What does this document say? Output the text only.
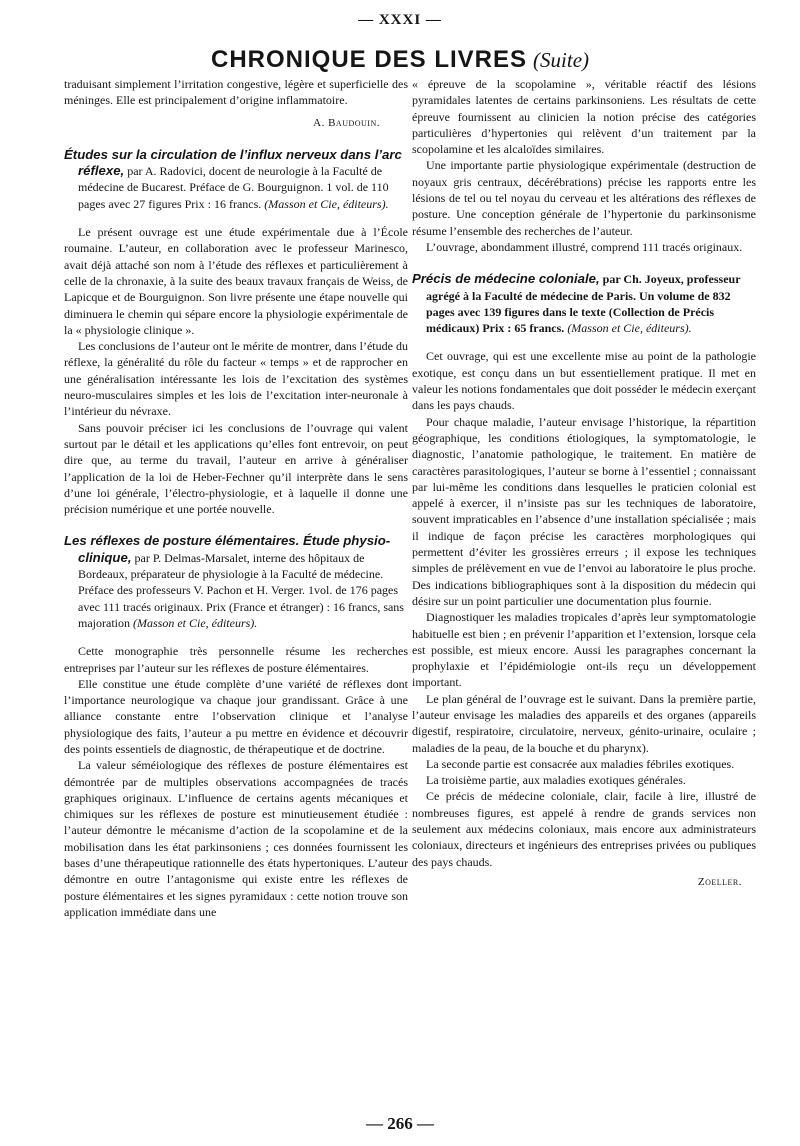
— XXXI —
CHRONIQUE DES LIVRES (Suite)

traduisant simplement l’irritation congestive, légère et superficielle des méninges. Elle est principalement d’origine inflammatoire.

A. Baudouin.
Études sur la circulation de l’influx nerveux dans l’arc réflexe, par A. Radovici, docent de neurologie à la Faculté de médecine de Bucarest. Préface de G. Bourguignon. 1 vol. de 110 pages avec 27 figures Prix : 16 francs. (Masson et Cie, éditeurs).

Le présent ouvrage est une étude expérimentale due à l’École roumaine. L’auteur, en collaboration avec le professeur Marinesco, avait déjà attaché son nom à l’étude des réflexes et particulièrement à celle de la chronaxie, à la suite des beaux travaux français de Weiss, de Lapicque et de Bourguignon. Son livre présente une étape nouvelle qui diminuera le chemin qui sépare encore la physiologie expérimentale de la « physiologie clinique ».

Les conclusions de l’auteur ont le mérite de montrer, dans l’étude du réflexe, la généralité du rôle du facteur « temps » et de rapprocher en une généralisation intéressante les lois de l’excitation des systèmes neuro-musculaires simples et les lois de l’excitation inter-neuronale à l’intérieur du névraxe.

Sans pouvoir préciser ici les conclusions de l’ouvrage qui valent surtout par le détail et les applications qu’elles font entrevoir, on peut dire que, au terme du travail, l’auteur en arrive à généraliser l’application de la loi de Heber-Fechner qu’il interprète dans le sens d’une loi générale, l’électro-physiologie, et à laquelle il donne une précision numérique et une portée nouvelle.

Les réflexes de posture élémentaires. Étude physio-clinique, par P. Delmas-Marsalet, interne des hôpitaux de Bordeaux, préparateur de physiologie à la Faculté de médecine. Préface des professeurs V. Pachon et H. Verger. 1vol. de 176 pages avec 111 tracés originaux. Prix (France et étranger) : 16 francs, sans majoration (Masson et Cie, éditeurs).

Cette monographie très personnelle résume les recherches entreprises par l’auteur sur les réflexes de posture élémentaires.

Elle constitue une étude complète d’une variété de réflexes dont l’importance neurologique va chaque jour grandissant. Grâce à une alliance constante entre l’observation clinique et l’analyse physiologique des faits, l’auteur a pu mettre en évidence et découvrir des points essentiels de diagnostic, de thérapeutique et de doctrine.

La valeur séméiologique des réflexes de posture élémentaires est démontrée par de multiples observations accompagnées de tracés graphiques originaux. L’influence de certains agents mécaniques et chimiques sur les réflexes de posture est minutieusement étudiée : l’auteur démontre le mécanisme d’action de la scopolamine et de la mobilisation dans les état parkinsoniens ; ces données fournissent les bases d’une thérapeutique rationnelle des états hypertoniques. L’auteur démontre en outre l’antagonisme qui existe entre les réflexes de posture élémentaires et les signes pyramidaux : cette notion trouve son application immédiate dans une

« épreuve de la scopolamine », véritable réactif des lésions pyramidales latentes de certains parkinsoniens. Les résultats de cette épreuve fournissent au clinicien la notion précise des catégories particulières d’hypertonies qui relèvent d’un traitement par la scopolamine et les alcaloïdes similaires.

Une importante partie physiologique expérimentale (destruction de noyaux gris centraux, décérébrations) précise les rapports entre les lésions de tel ou tel noyau du cerveau et les altérations des réflexes de posture. Une conception générale de l’hypertonie du parkinsonisme résume l’ensemble des recherches de l’auteur.

L’ouvrage, abondamment illustré, comprend 111 tracés originaux.

Précis de médecine coloniale, par Ch. Joyeux, professeur agrégé à la Faculté de médecine de Paris. Un volume de 832 pages avec 139 figures dans le texte (Collection de Précis médicaux) Prix : 65 francs. (Masson et Cie, éditeurs).

Cet ouvrage, qui est une excellente mise au point de la pathologie exotique, est conçu dans un but essentiellement pratique. Il met en valeur les notions fondamentales que doit posséder le médecin exerçant dans les pays chauds.

Pour chaque maladie, l’auteur envisage l’historique, la répartition géographique, les conditions étiologiques, la symptomatologie, le diagnostic, l’anatomie pathologique, le traitement. En matière de caractères parasitologiques, l’auteur se borne à l’essentiel ; connaissant par lui-même les conditions dans lesquelles le praticien colonial est appelé à exercer, il n’insiste pas sur les techniques de laboratoire, souvent impraticables en l’absence d’une installation spécialisée ; mais il indique de façon précise les caractères morphologiques qui permettent d’éviter les grossières erreurs ; il expose les techniques simples de prélèvement en vue de l’envoi au laboratoire le plus proche. Des indications bibliographiques sont à la disposition du médecin qui désire sur un point particulier une documentation plus fournie.

Diagnostiquer les maladies tropicales d’après leur symptomatologie habituelle est bien ; en prévenir l’apparition et l’extension, lorsque cela est possible, est mieux encore. Aussi les paragraphes concernant la prophylaxie et l’épidémiologie ont-ils reçu un développement important.

Le plan général de l’ouvrage est le suivant. Dans la première partie, l’auteur envisage les maladies des appareils et des organes (appareils digestif, respiratoire, circulatoire, nerveux, génito-urinaire, oculaire ; maladies de la peau, de la bouche et du pharynx).

La seconde partie est consacrée aux maladies fébriles exotiques.

La troisième partie, aux maladies exotiques générales.

Ce précis de médecine coloniale, clair, facile à lire, illustré de nombreuses figures, est appelé à rendre de grands services non seulement aux médecins coloniaux, mais encore aux administrateurs coloniaux, directeurs et ingénieurs des entreprises privées ou publiques des pays chauds.

Zoeller.
— 266 —
